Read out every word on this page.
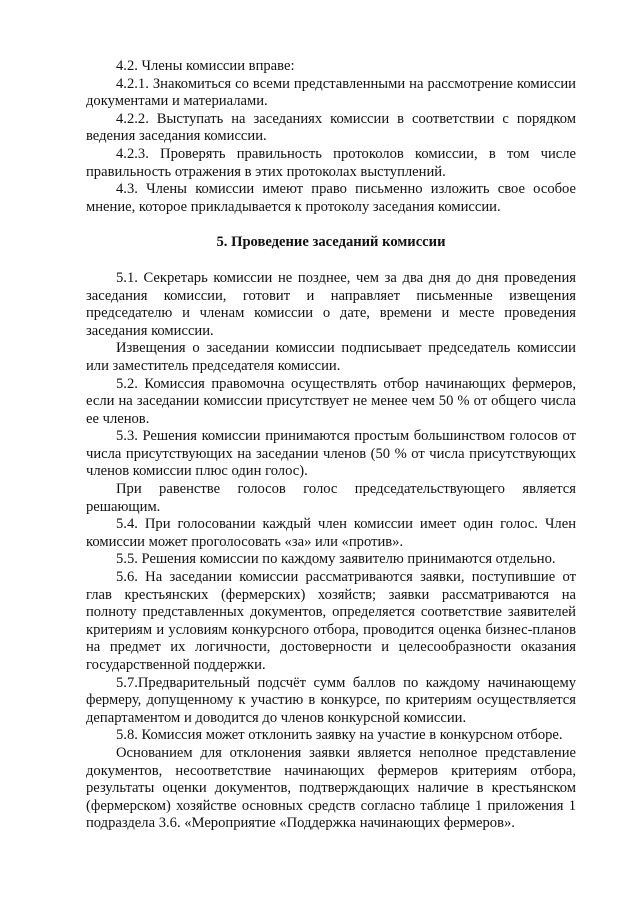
4.2. Члены комиссии вправе:

4.2.1. Знакомиться со всеми представленными на рассмотрение комиссии документами и материалами.

4.2.2. Выступать на заседаниях комиссии в соответствии с порядком ведения заседания комиссии.

4.2.3. Проверять правильность протоколов комиссии, в том числе правильность отражения в этих протоколах выступлений.

4.3. Члены комиссии имеют право письменно изложить свое особое мнение, которое прикладывается к протоколу заседания комиссии.

5. Проведение заседаний комиссии

5.1. Секретарь комиссии не позднее, чем за два дня до дня проведения заседания комиссии, готовит и направляет письменные извещения председателю и членам комиссии о дате, времени и месте проведения заседания комиссии.

Извещения о заседании комиссии подписывает председатель комиссии или заместитель председателя комиссии.

5.2. Комиссия правомочна осуществлять отбор начинающих фермеров, если на заседании комиссии присутствует не менее чем 50 % от общего числа ее членов.

5.3. Решения комиссии принимаются простым большинством голосов от числа присутствующих на заседании членов (50 % от числа присутствующих членов комиссии плюс один голос).

При равенстве голосов голос председательствующего является решающим.

5.4. При голосовании каждый член комиссии имеет один голос. Член комиссии может проголосовать «за» или «против».

5.5. Решения комиссии по каждому заявителю принимаются отдельно.

5.6. На заседании комиссии рассматриваются заявки, поступившие от глав крестьянских (фермерских) хозяйств; заявки рассматриваются на полноту представленных документов, определяется соответствие заявителей критериям и условиям конкурсного отбора, проводится оценка бизнес-планов на предмет их логичности, достоверности и целесообразности оказания государственной поддержки.

5.7.Предварительный подсчёт сумм баллов по каждому начинающему фермеру, допущенному к участию в конкурсе, по критериям осуществляется департаментом и доводится до членов конкурсной комиссии.

5.8. Комиссия может отклонить заявку на участие в конкурсном отборе.

Основанием для отклонения заявки является неполное представление документов, несоответствие начинающих фермеров критериям отбора, результаты оценки документов, подтверждающих наличие в крестьянском (фермерском) хозяйстве основных средств согласно таблице 1 приложения 1 подраздела 3.6. «Мероприятие «Поддержка начинающих фермеров».
